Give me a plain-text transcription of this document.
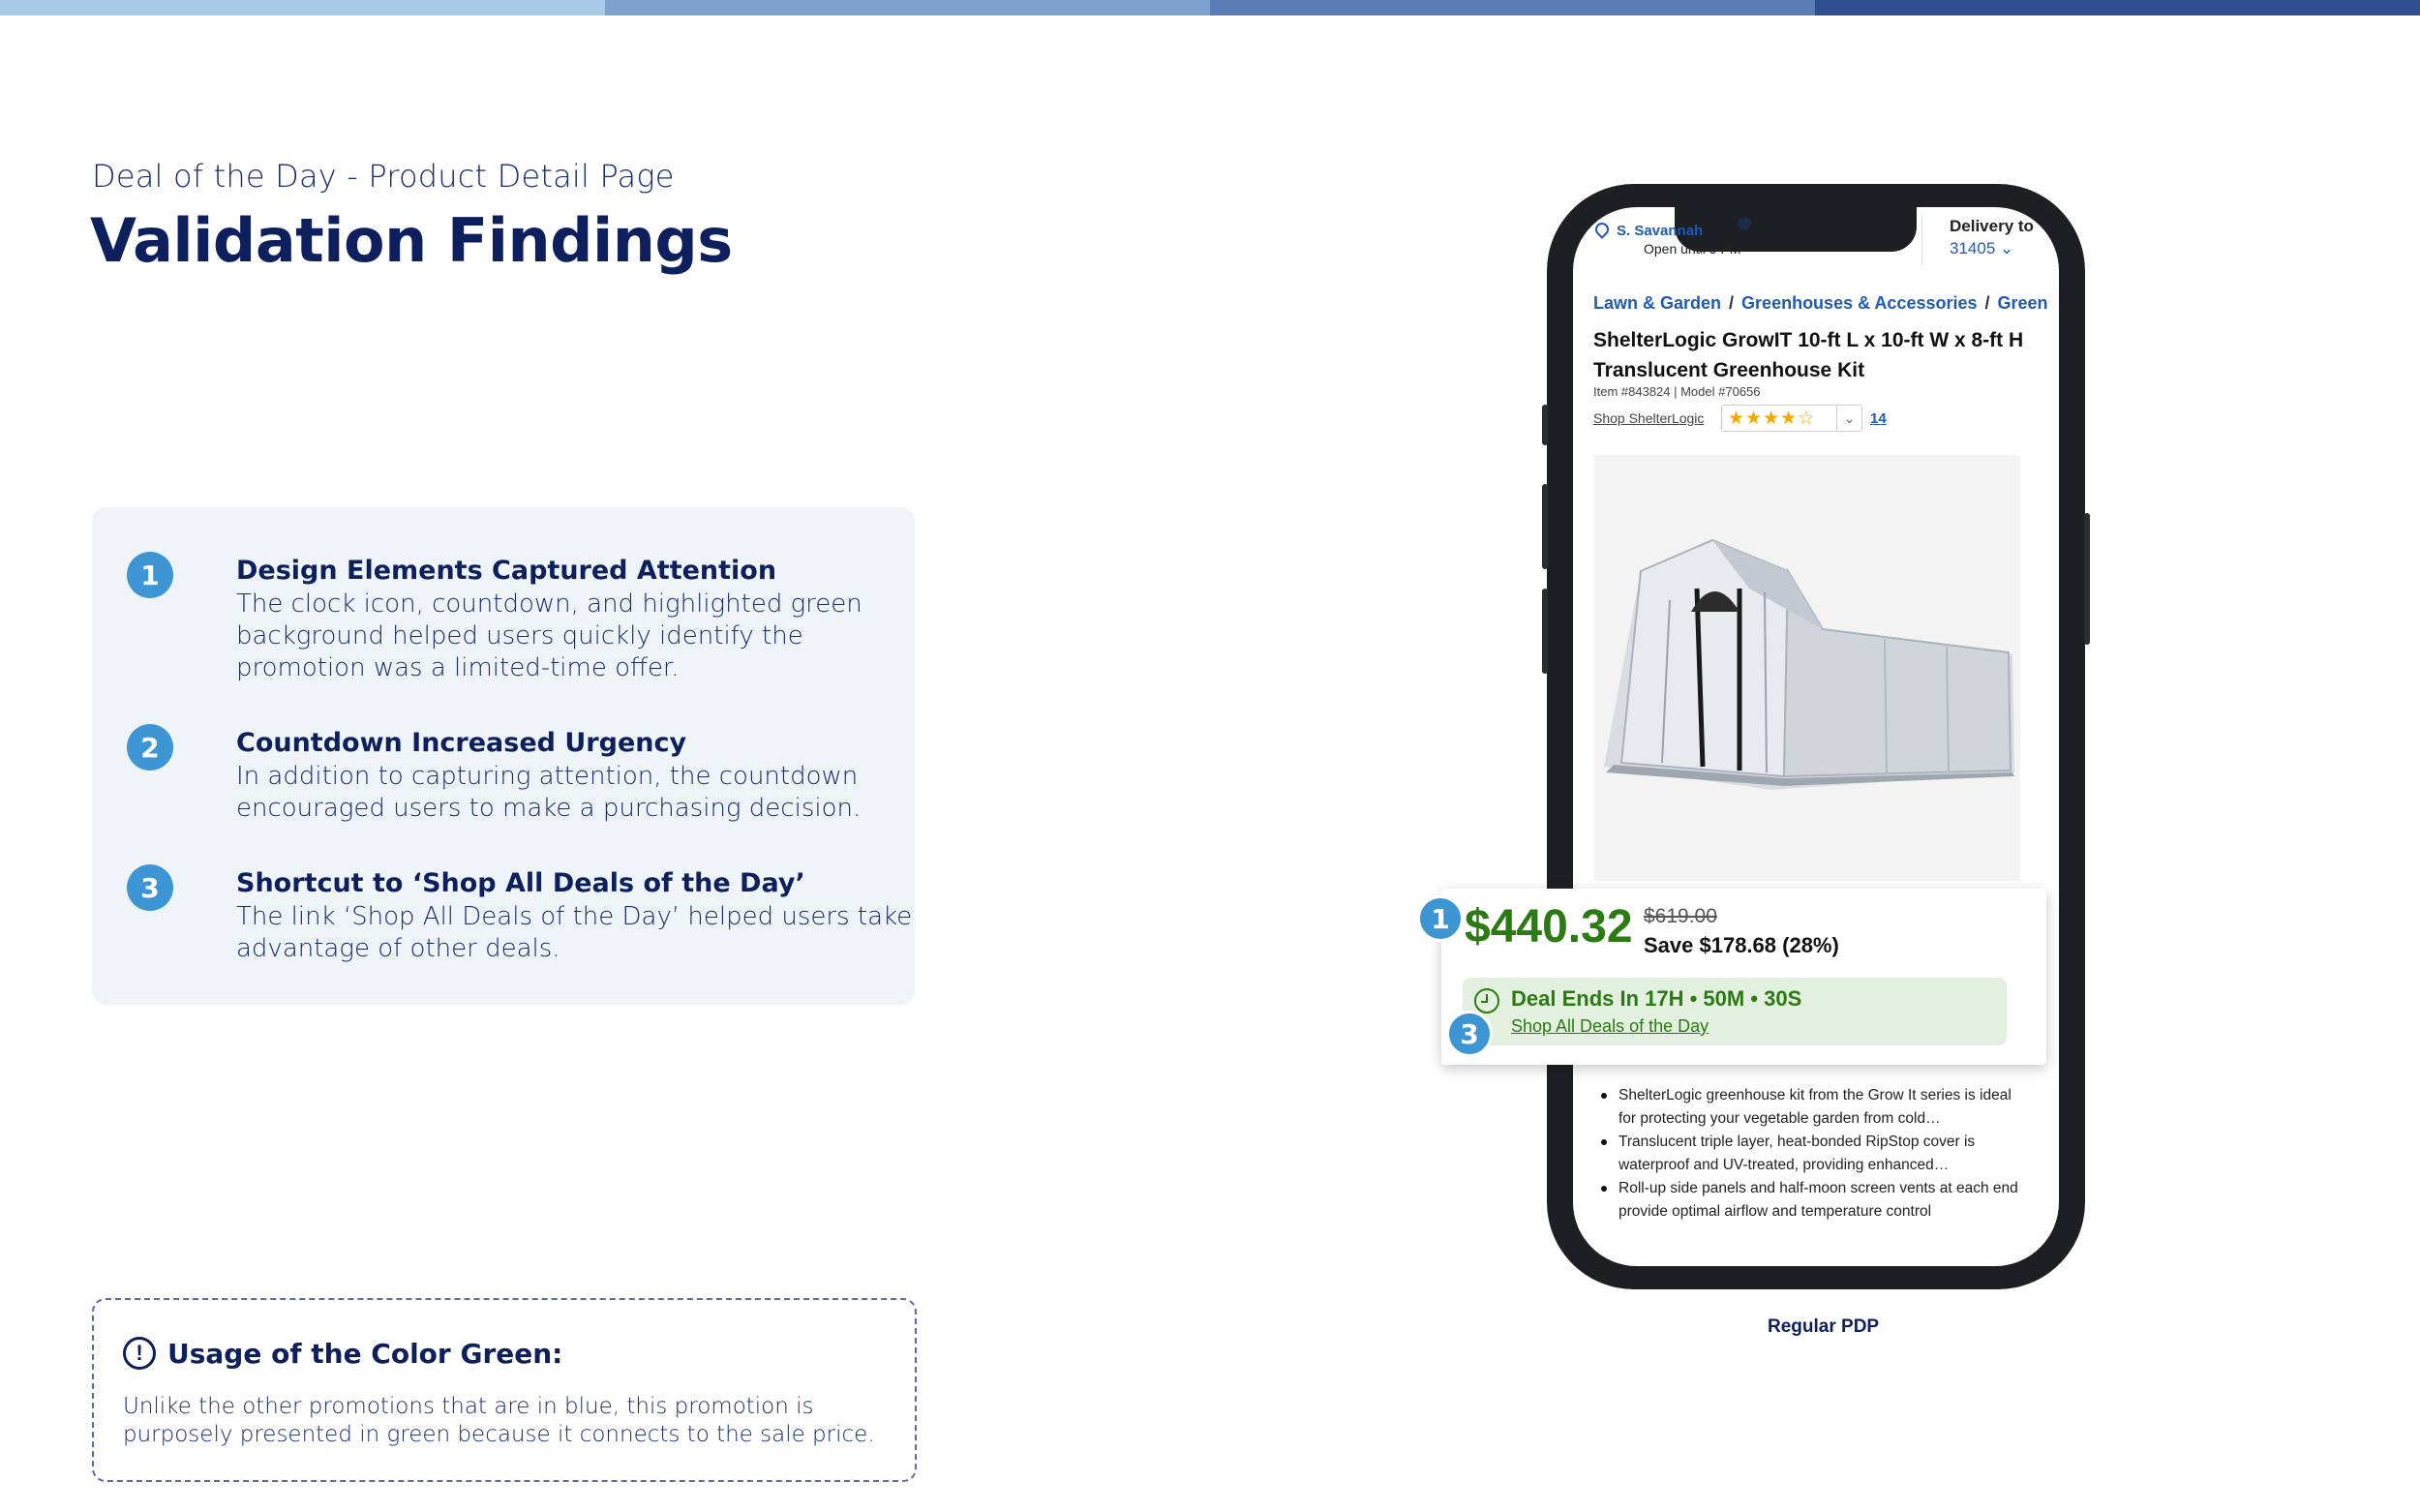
Deal of the Day - Product Detail Page
Validation Findings
1	Design Elements Captured Attention
The clock icon, countdown, and highlighted green background helped users quickly identify the promotion was a limited-time offer.
2	Countdown Increased Urgency
In addition to capturing attention, the countdown encouraged users to make a purchasing decision.
3	Shortcut to ‘Shop All Deals of the Day’
The link ‘Shop All Deals of the Day’ helped users take advantage of other deals.
! Usage of the Color Green:
Unlike the other promotions that are in blue, this promotion is purposely presented in green because it connects to the sale price.
S. Savannah
Open until 9 PM
Delivery to
31405 ⌄
Lawn & Garden / Greenhouses & Accessories / Green
ShelterLogic GrowIT 10-ft L x 10-ft W x 8-ft H Translucent Greenhouse Kit
Item #843824 | Model #70656
Shop ShelterLogic ★★★★☆	⌄	14
$440.32 $619.00
Save $178.68 (28%)
Deal Ends In 17H • 50M • 30S
Shop All Deals of the Day
1
3
ShelterLogic greenhouse kit from the Grow It series is ideal for protecting your vegetable garden from cold…
Translucent triple layer, heat-bonded RipStop cover is waterproof and UV-treated, providing enhanced…
Roll-up side panels and half-moon screen vents at each end provide optimal airflow and temperature control
Regular PDP
